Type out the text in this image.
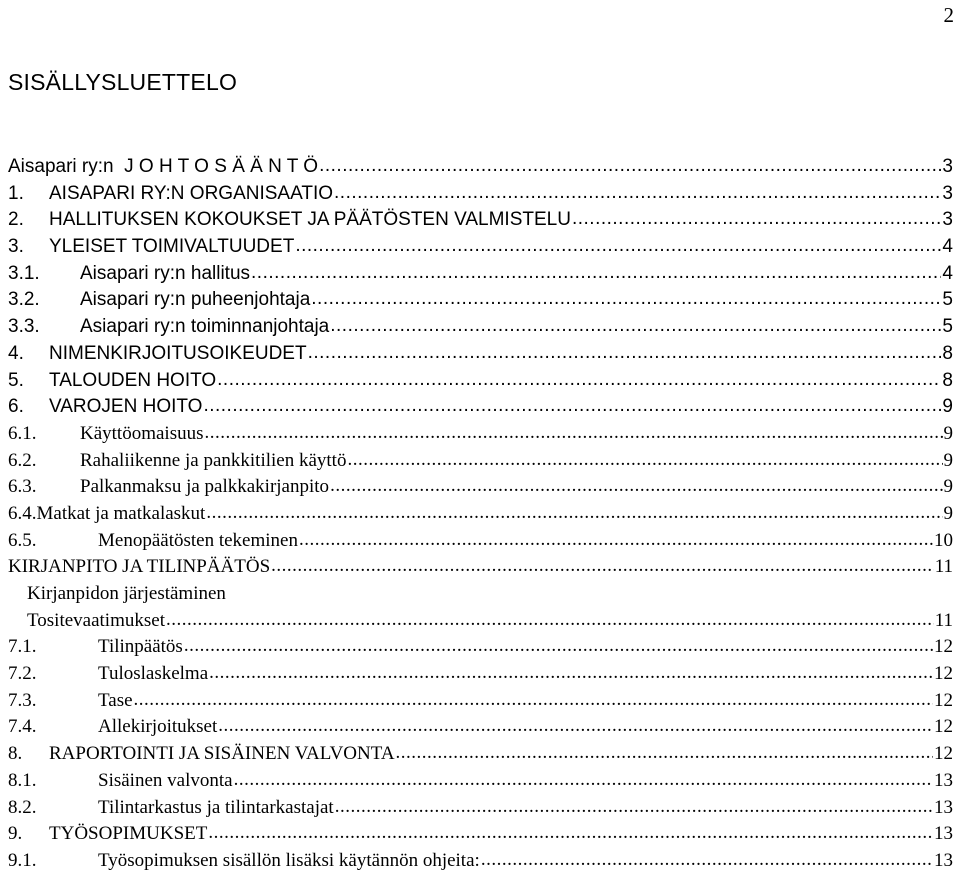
2
SISÄLLYSLUETTELO
Aisapari ry:n  J O H T O S Ä Ä N T Ö .....	3
1.	AISAPARI RY:N ORGANISAATIO .....	3
2.	HALLITUKSEN KOKOUKSET JA PÄÄTÖSTEN VALMISTELU .....	3
3.	YLEISET TOIMIVALTUUDET .....	4
3.1.	Aisapari ry:n hallitus .....	4
3.2.	Aisapari ry:n puheenjohtaja .....	5
3.3.	Asiapari ry:n toiminnanjohtaja .....	5
4.	NIMENKIRJOITUSOIKEUDET .....	8
5.	TALOUDEN HOITO .....	8
6.	VAROJEN HOITO .....	9
6.1.	Käyttöomaisuus .....	9
6.2.	Rahaliikenne ja pankkitilien käyttö .....	9
6.3.	Palkanmaksu ja palkkakirjanpito .....	9
6.4. Matkat ja matkalaskut .....	9
6.5.	Menopäätösten tekeminen .....	10
KIRJANPITO JA TILINPÄÄTÖS .....	11
Kirjanpidon järjestäminen
Tositevaatimukset .....	11
7.1.	Tilinpäätös .....	12
7.2.	Tuloslaskelma .....	12
7.3.	Tase .....	12
7.4.	Allekirjoitukset .....	12
8.	RAPORTOINTI JA SISÄINEN VALVONTA .....	12
8.1.	Sisäinen valvonta .....	13
8.2.	Tilintarkastus ja tilintarkastajat .....	13
9.	TYÖSOPIMUKSET .....	13
9.1.	Työsopimuksen sisällön lisäksi käytännön ohjeita: .....	13
